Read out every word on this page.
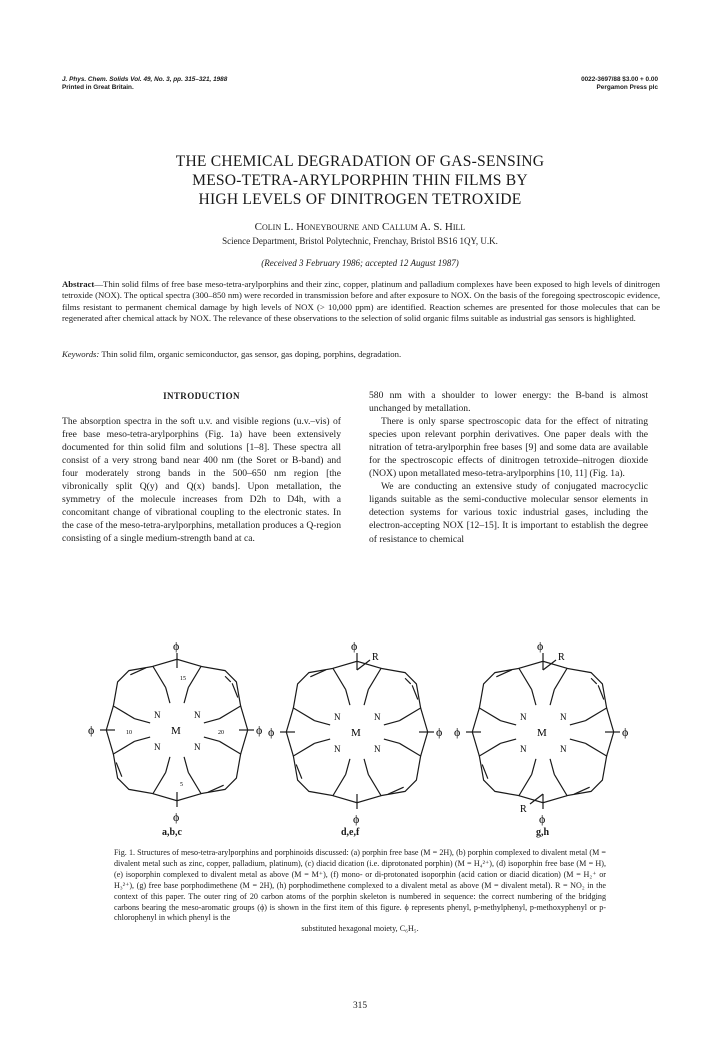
J. Phys. Chem. Solids Vol. 49, No. 3, pp. 315–321, 1988
Printed in Great Britain.
0022-3697/88 $3.00 + 0.00
Pergamon Press plc
THE CHEMICAL DEGRADATION OF GAS-SENSING
MESO-TETRA-ARYLPORPHIN THIN FILMS BY
HIGH LEVELS OF DINITROGEN TETROXIDE
Colin L. Honeybourne and Callum A. S. Hill
Science Department, Bristol Polytechnic, Frenchay, Bristol BS16 1QY, U.K.
(Received 3 February 1986; accepted 12 August 1987)
Abstract—Thin solid films of free base meso-tetra-arylporphins and their zinc, copper, platinum and palladium complexes have been exposed to high levels of dinitrogen tetroxide (NOX). The optical spectra (300–850 nm) were recorded in transmission before and after exposure to NOX. On the basis of the foregoing spectroscopic evidence, films resistant to permanent chemical damage by high levels of NOX (> 10,000 ppm) are identified. Reaction schemes are presented for those molecules that can be regenerated after chemical attack by NOX. The relevance of these observations to the selection of solid organic films suitable as industrial gas sensors is highlighted.
Keywords: Thin solid film, organic semiconductor, gas sensor, gas doping, porphins, degradation.
INTRODUCTION

The absorption spectra in the soft u.v. and visible regions (u.v.–vis) of free base meso-tetra-arylporphins (Fig. 1a) have been extensively documented for thin solid film and solutions [1–8]. These spectra all consist of a very strong band near 400 nm (the Soret or B-band) and four moderately strong bands in the 500–650 nm region [the vibronically split Q(y) and Q(x) bands]. Upon metallation, the symmetry of the molecule increases from D2h to D4h, with a concomitant change of vibrational coupling to the electronic states. In the case of the meso-tetra-arylporphins, metallation produces a Q-region consisting of a single medium-strength band at ca.

580 nm with a shoulder to lower energy: the B-band is almost unchanged by metallation.

There is only sparse spectroscopic data for the effect of nitrating species upon relevant porphin derivatives. One paper deals with the nitration of tetra-arylporphin free bases [9] and some data are available for the spectroscopic effects of dinitrogen tetroxide–nitrogen dioxide (NOX) upon metallated meso-tetra-arylporphins [10, 11] (Fig. 1a).

We are conducting an extensive study of conjugated macrocyclic ligands suitable as the semi-conductive molecular sensor elements in detection systems for various toxic industrial gases, including the electron-accepting NOX [12–15]. It is important to establish the degree of resistance to chemical

ϕ
ϕ
ϕ	ϕ
M
N	N
N	N
15
10	20
5
ϕ
R
ϕ
ϕ	ϕ
M
N	N
N	N
ϕ
R
R
ϕ
ϕ	ϕ
M
N	N
N	N
a,b,c	d,e,f	g,h
Fig. 1. Structures of meso-tetra-arylporphins and porphinoids discussed: (a) porphin free base (M = 2H), (b) porphin complexed to divalent metal (M = divalent metal such as zinc, copper, palladium, platinum), (c) diacid dication (i.e. diprotonated porphin) (M = H₄²⁺), (d) isoporphin free base (M = H), (e) isoporphin complexed to divalent metal as above (M = M⁺), (f) mono- or di-protonated isoporphin (acid cation or diacid dication) (M = H₂⁺ or H₃²⁺), (g) free base porphodimethene (M = 2H), (h) porphodimethene complexed to a divalent metal as above (M = divalent metal). R = NO₂ in the context of this paper. The outer ring of 20 carbon atoms of the porphin skeleton is numbered in sequence: the correct numbering of the bridging carbons bearing the meso-aromatic groups (ϕ) is shown in the first item of this figure. ϕ represents phenyl, p-methylphenyl, p-methoxyphenyl or p-chlorophenyl in which phenyl is the
substituted hexagonal moiety, C₆H₅.
315
